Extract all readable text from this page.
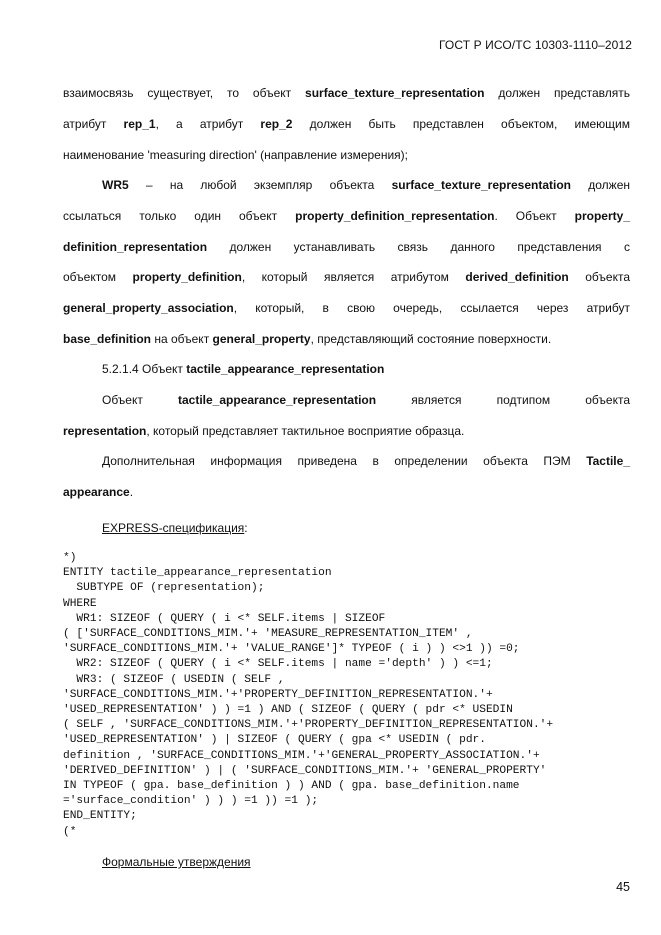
ГОСТ Р ИСО/ТС 10303-1110–2012

взаимосвязь существует, то объект surface_texture_representation должен представлять

атрибут rep_1, а атрибут rep_2 должен быть представлен объектом, имеющим

наименование 'measuring direction' (направление измерения);

WR5 – на любой экземпляр объекта surface_texture_representation должен

ссылаться только один объект property_definition_representation. Объект property_

definition_representation должен устанавливать связь данного представления с

объектом property_definition, который является атрибутом derived_definition объекта

general_property_association, который, в свою очередь, ссылается через атрибут

base_definition на объект general_property, представляющий состояние поверхности.

5.2.1.4 Объект tactile_appearance_representation

Объект tactile_appearance_representation является подтипом объекта

representation, который представляет тактильное восприятие образца.

Дополнительная информация приведена в определении объекта ПЭМ Tactile_

appearance.

EXPRESS-спецификация:

*)
ENTITY tactile_appearance_representation
SUBTYPE OF (representation);
WHERE
WR1: SIZEOF ( QUERY ( i <* SELF.items | SIZEOF
( ['SURFACE_CONDITIONS_MIM.'+ 'MEASURE_REPRESENTATION_ITEM' ,
'SURFACE_CONDITIONS_MIM.'+ 'VALUE_RANGE']* TYPEOF ( i ) ) <>1 )) =0;
WR2: SIZEOF ( QUERY ( i <* SELF.items | name ='depth' ) ) <=1;
WR3: ( SIZEOF ( USEDIN ( SELF ,
'SURFACE_CONDITIONS_MIM.'+'PROPERTY_DEFINITION_REPRESENTATION.'+
'USED_REPRESENTATION' ) ) =1 ) AND ( SIZEOF ( QUERY ( pdr <* USEDIN
( SELF , 'SURFACE_CONDITIONS_MIM.'+'PROPERTY_DEFINITION_REPRESENTATION.'+
'USED_REPRESENTATION' ) | SIZEOF ( QUERY ( gpa <* USEDIN ( pdr.
definition , 'SURFACE_CONDITIONS_MIM.'+'GENERAL_PROPERTY_ASSOCIATION.'+
'DERIVED_DEFINITION' ) | ( 'SURFACE_CONDITIONS_MIM.'+ 'GENERAL_PROPERTY'
IN TYPEOF ( gpa. base_definition ) ) AND ( gpa. base_definition.name
='surface_condition' ) ) ) =1 )) =1 );
END_ENTITY;
(*

Формальные утверждения

45
